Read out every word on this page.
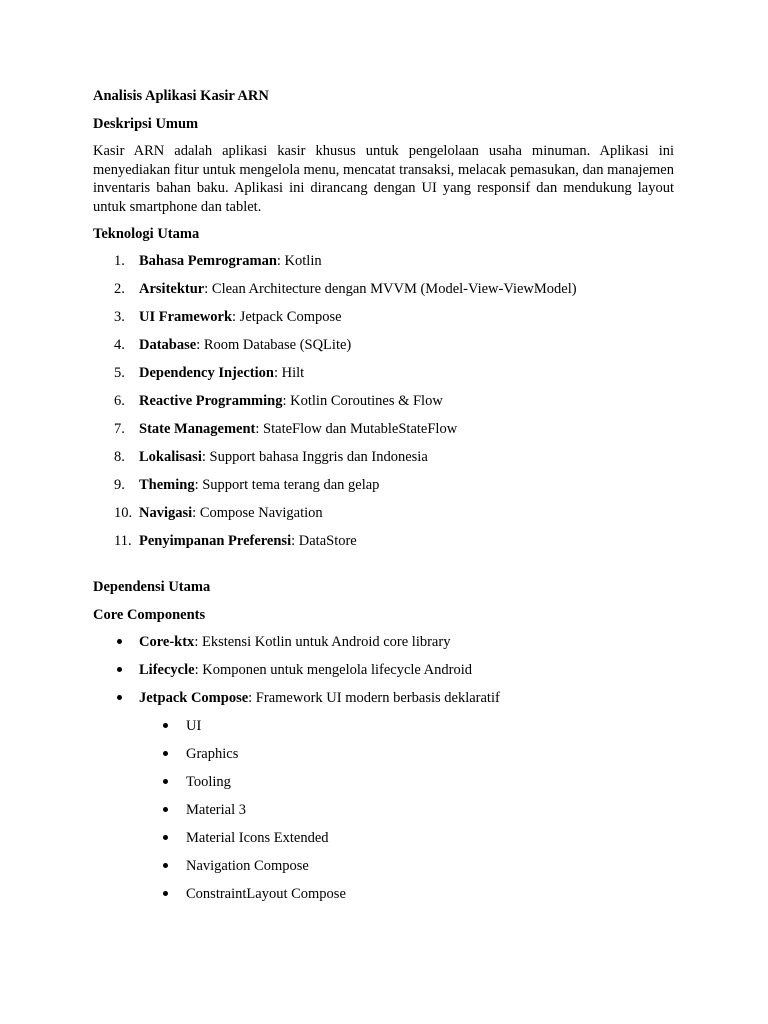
Analisis Aplikasi Kasir ARN

Deskripsi Umum

Kasir ARN adalah aplikasi kasir khusus untuk pengelolaan usaha minuman. Aplikasi ini menyediakan fitur untuk mengelola menu, mencatat transaksi, melacak pemasukan, dan manajemen inventaris bahan baku. Aplikasi ini dirancang dengan UI yang responsif dan mendukung layout untuk smartphone dan tablet.

Teknologi Utama

1. Bahasa Pemrograman: Kotlin
2. Arsitektur: Clean Architecture dengan MVVM (Model-View-ViewModel)
3. UI Framework: Jetpack Compose
4. Database: Room Database (SQLite)
5. Dependency Injection: Hilt
6. Reactive Programming: Kotlin Coroutines & Flow
7. State Management: StateFlow dan MutableStateFlow
8. Lokalisasi: Support bahasa Inggris dan Indonesia
9. Theming: Support tema terang dan gelap
10. Navigasi: Compose Navigation
11. Penyimpanan Preferensi: DataStore

Dependensi Utama

Core Components

Core-ktx: Ekstensi Kotlin untuk Android core library
Lifecycle: Komponen untuk mengelola lifecycle Android
Jetpack Compose: Framework UI modern berbasis deklaratif
UI
Graphics
Tooling
Material 3
Material Icons Extended
Navigation Compose
ConstraintLayout Compose
